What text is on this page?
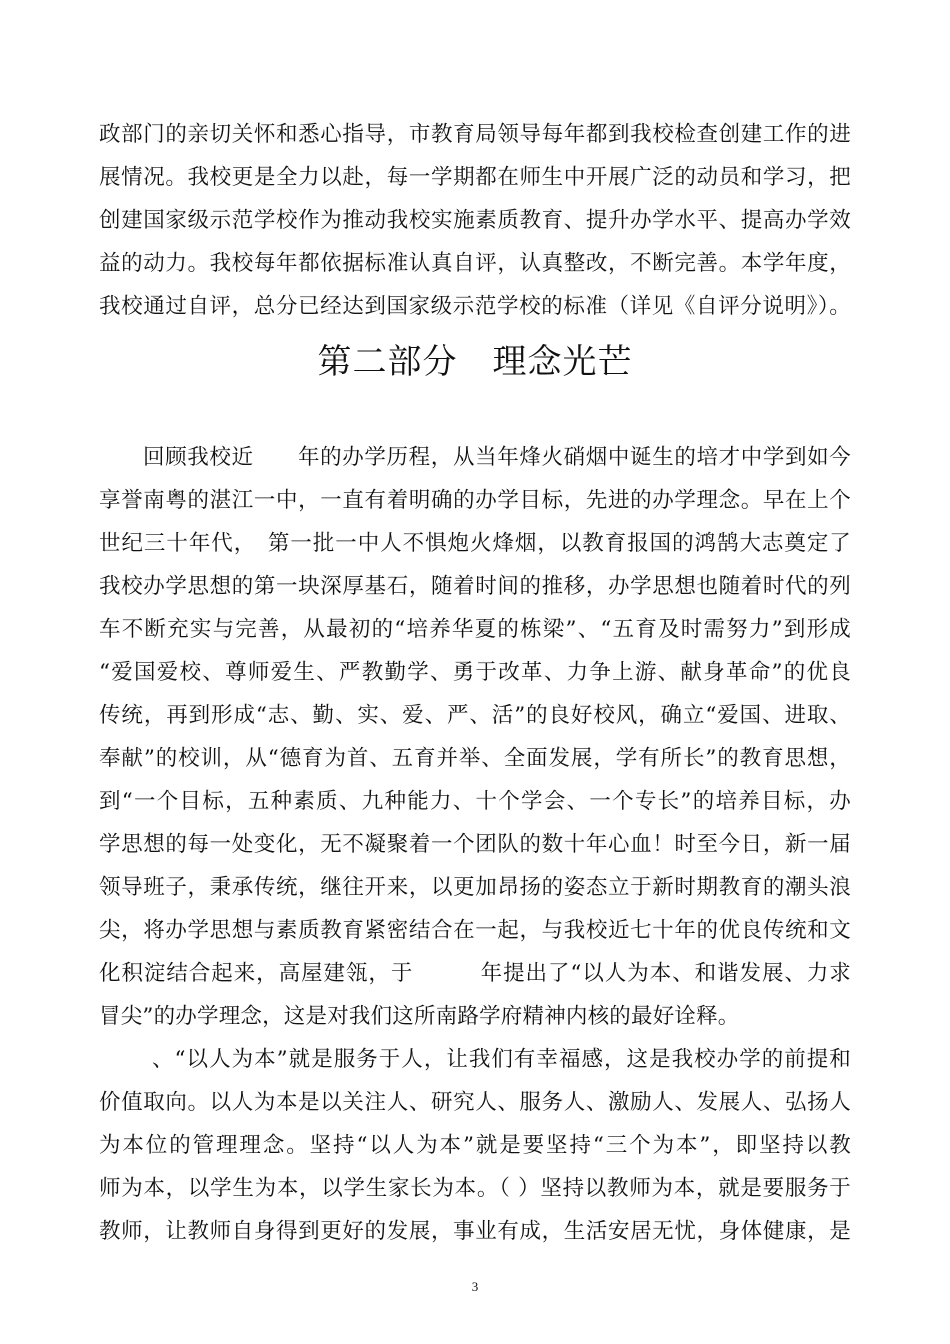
政部门的亲切关怀和悉心指导，市教育局领导每年都到我校检查创建工作的进
展情况。我校更是全力以赴，每一学期都在师生中开展广泛的动员和学习，把
创建国家级示范学校作为推动我校实施素质教育、提升办学水平、提高办学效
益的动力。我校每年都依据标准认真自评，认真整改，不断完善。本学年度，
我校通过自评，总分已经达到国家级示范学校的标准（详见《自评分说明》）。
第二部分　理念光芒
回顾我校近　　年的办学历程，从当年烽火硝烟中诞生的培才中学到如今
享誉南粤的湛江一中，一直有着明确的办学目标，先进的办学理念。早在上个
世纪三十年代，　第一批一中人不惧炮火烽烟，以教育报国的鸿鹄大志奠定了
我校办学思想的第一块深厚基石，随着时间的推移，办学思想也随着时代的列
车不断充实与完善，从最初的“培养华夏的栋梁”、“五育及时需努力”到形成
“爱国爱校、尊师爱生、严教勤学、勇于改革、力争上游、献身革命”的优良
传统，再到形成“志、勤、实、爱、严、活”的良好校风，确立“爱国、进取、
奉献”的校训，从“德育为首、五育并举、全面发展，学有所长”的教育思想，
到“一个目标，五种素质、九种能力、十个学会、一个专长”的培养目标，办
学思想的每一处变化，无不凝聚着一个团队的数十年心血！时至今日，新一届
领导班子，秉承传统，继往开来，以更加昂扬的姿态立于新时期教育的潮头浪
尖，将办学思想与素质教育紧密结合在一起，与我校近七十年的优良传统和文
化积淀结合起来，高屋建瓴，于　　　年提出了“以人为本、和谐发展、力求
冒尖”的办学理念，这是对我们这所南路学府精神内核的最好诠释。
、“以人为本”就是服务于人，让我们有幸福感，这是我校办学的前提和
价值取向。以人为本是以关注人、研究人、服务人、激励人、发展人、弘扬人
为本位的管理理念。坚持“以人为本”就是要坚持“三个为本”，即坚持以教
师为本，以学生为本，以学生家长为本。（ ）坚持以教师为本，就是要服务于
教师，让教师自身得到更好的发展，事业有成，生活安居无忧，身体健康，是
3
